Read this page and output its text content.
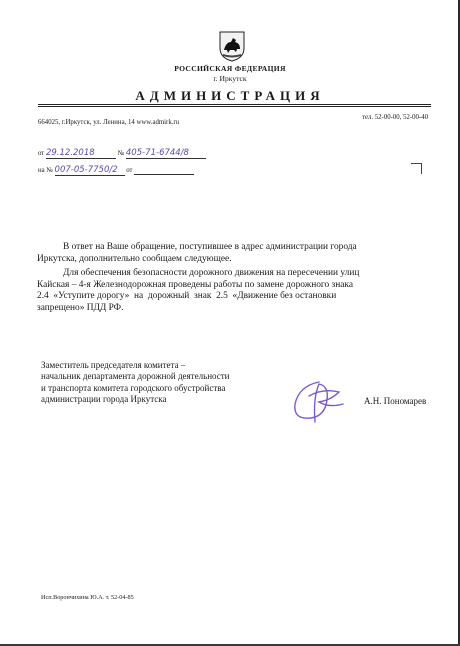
РОССИЙСКАЯ ФЕДЕРАЦИЯ
г. Иркутск
АДМИНИСТРАЦИЯ
664025, г.Иркутск, ул. Ленина, 14 www.admirk.ru
тел. 52-00-00, 52-00-40
от 29.12.2018	№ 405-71-6744/8
на № 007-05-7750/2 от
В ответ на Ваше обращение, поступившее в адрес администрации города
Иркутска, дополнительно сообщаем следующее.
Для обеспечения безопасности дорожного движения на пересечении улиц
Кайская – 4-я Железнодорожная проведены работы по замене дорожного знака
2.4  «Уступите дорогу»  на  дорожный  знак  2.5  «Движение без остановки
запрещено» ПДД РФ.
Заместитель председателя комитета –
начальник департамента дорожной деятельности
и транспорта комитета городского обустройства
администрации города Иркутска	А.Н. Пономарев
Исп.Ворончихина Ю.А. т. 52-04-85
